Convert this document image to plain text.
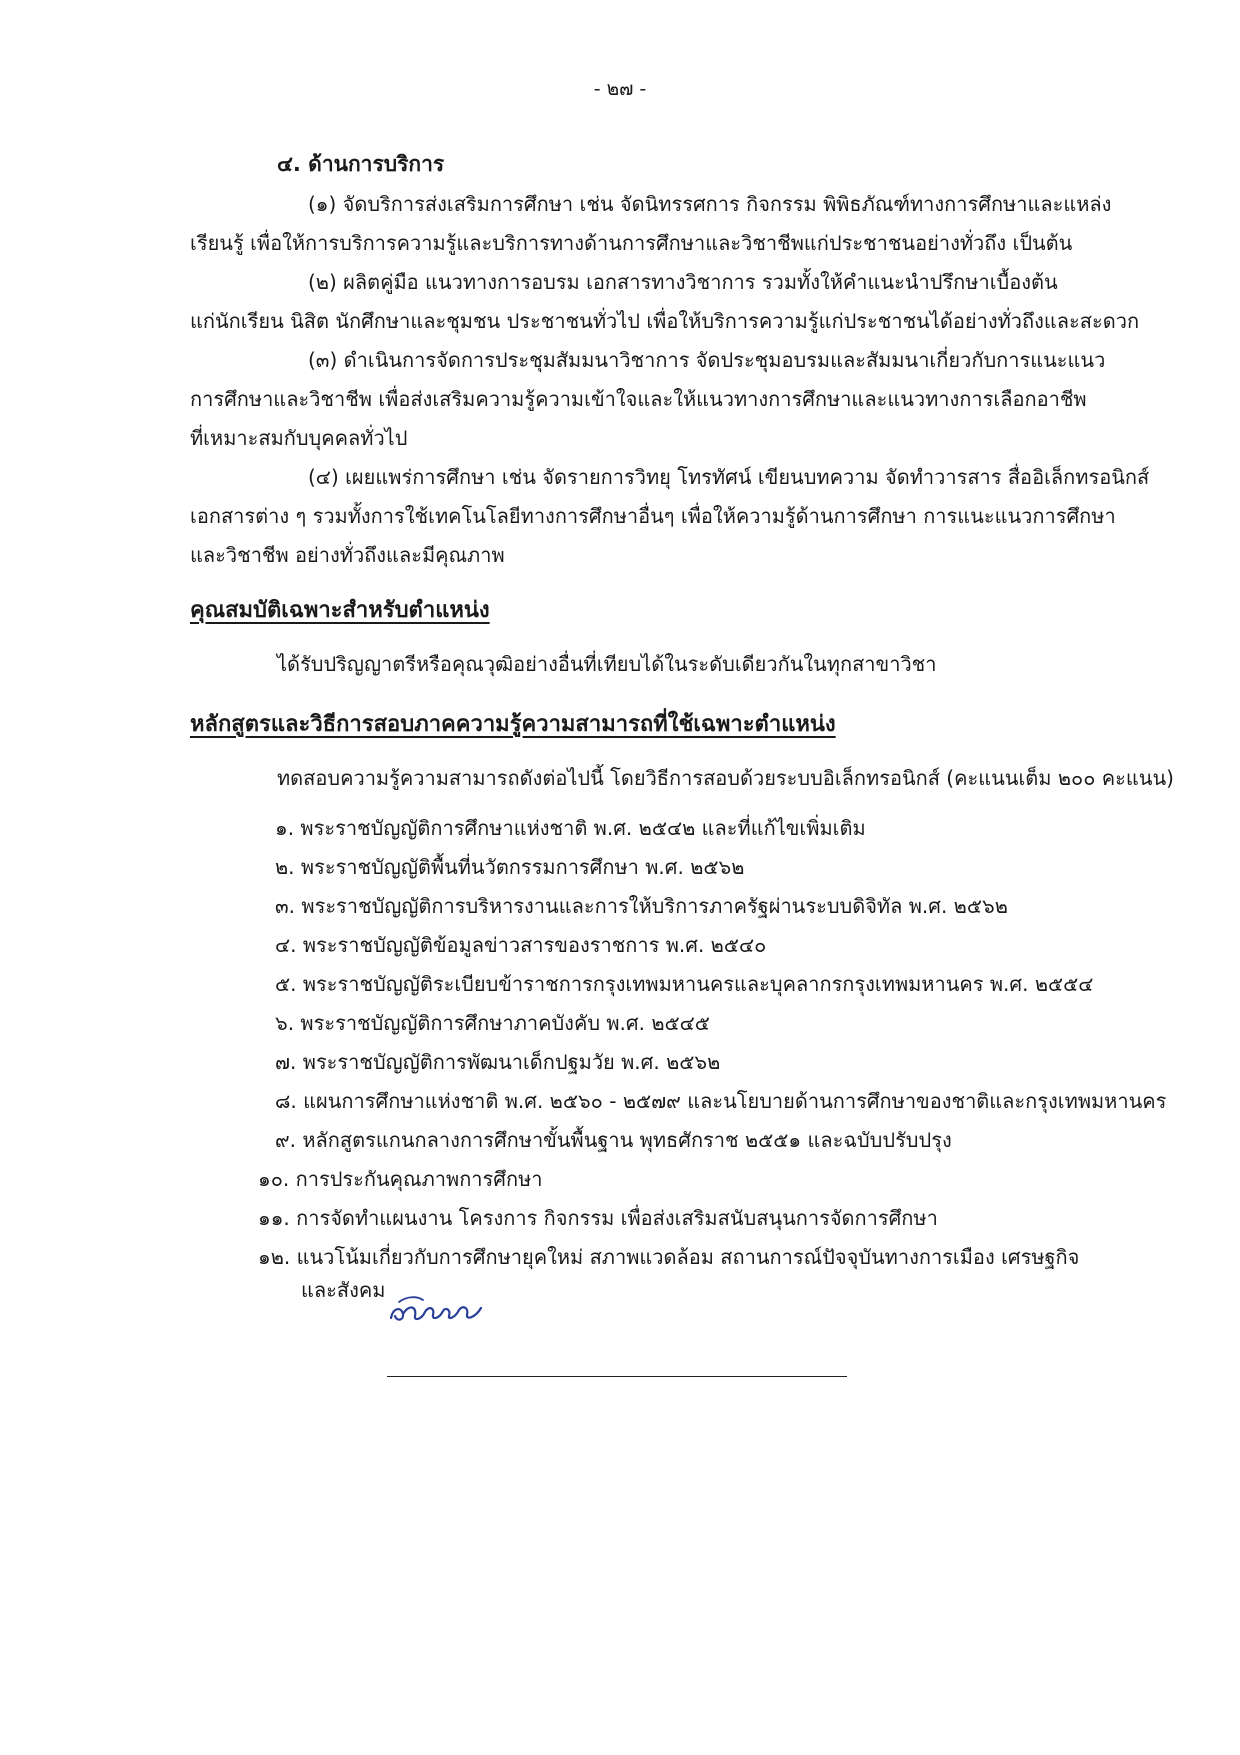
- ๒๗ -
๔. ด้านการบริการ
(๑) จัดบริการส่งเสริมการศึกษา เช่น จัดนิทรรศการ กิจกรรม พิพิธภัณฑ์ทางการศึกษาและแหล่ง
เรียนรู้ เพื่อให้การบริการความรู้และบริการทางด้านการศึกษาและวิชาชีพแก่ประชาชนอย่างทั่วถึง เป็นต้น
(๒) ผลิตคู่มือ แนวทางการอบรม เอกสารทางวิชาการ รวมทั้งให้คำแนะนำปรึกษาเบื้องต้น
แก่นักเรียน นิสิต นักศึกษาและชุมชน ประชาชนทั่วไป เพื่อให้บริการความรู้แก่ประชาชนได้อย่างทั่วถึงและสะดวก
(๓) ดำเนินการจัดการประชุมสัมมนาวิชาการ จัดประชุมอบรมและสัมมนาเกี่ยวกับการแนะแนว
การศึกษาและวิชาชีพ เพื่อส่งเสริมความรู้ความเข้าใจและให้แนวทางการศึกษาและแนวทางการเลือกอาชีพ
ที่เหมาะสมกับบุคคลทั่วไป
(๔) เผยแพร่การศึกษา เช่น จัดรายการวิทยุ โทรทัศน์ เขียนบทความ จัดทำวารสาร สื่ออิเล็กทรอนิกส์
เอกสารต่าง ๆ รวมทั้งการใช้เทคโนโลยีทางการศึกษาอื่นๆ เพื่อให้ความรู้ด้านการศึกษา การแนะแนวการศึกษา
และวิชาชีพ อย่างทั่วถึงและมีคุณภาพ
คุณสมบัติเฉพาะสำหรับตำแหน่ง
ได้รับปริญญาตรีหรือคุณวุฒิอย่างอื่นที่เทียบได้ในระดับเดียวกันในทุกสาขาวิชา
หลักสูตรและวิธีการสอบภาคความรู้ความสามารถที่ใช้เฉพาะตำแหน่ง
ทดสอบความรู้ความสามารถดังต่อไปนี้ โดยวิธีการสอบด้วยระบบอิเล็กทรอนิกส์ (คะแนนเต็ม ๒๐๐ คะแนน)
๑. พระราชบัญญัติการศึกษาแห่งชาติ พ.ศ. ๒๕๔๒ และที่แก้ไขเพิ่มเติม
๒. พระราชบัญญัติพื้นที่นวัตกรรมการศึกษา พ.ศ. ๒๕๖๒
๓. พระราชบัญญัติการบริหารงานและการให้บริการภาครัฐผ่านระบบดิจิทัล พ.ศ. ๒๕๖๒
๔. พระราชบัญญัติข้อมูลข่าวสารของราชการ พ.ศ. ๒๕๔๐
๕. พระราชบัญญัติระเบียบข้าราชการกรุงเทพมหานครและบุคลากรกรุงเทพมหานคร พ.ศ. ๒๕๕๔
๖. พระราชบัญญัติการศึกษาภาคบังคับ พ.ศ. ๒๕๔๕
๗. พระราชบัญญัติการพัฒนาเด็กปฐมวัย พ.ศ. ๒๕๖๒
๘. แผนการศึกษาแห่งชาติ พ.ศ. ๒๕๖๐ - ๒๕๗๙ และนโยบายด้านการศึกษาของชาติและกรุงเทพมหานคร
๙. หลักสูตรแกนกลางการศึกษาขั้นพื้นฐาน พุทธศักราช ๒๕๕๑ และฉบับปรับปรุง
๑๐. การประกันคุณภาพการศึกษา
๑๑. การจัดทำแผนงาน โครงการ กิจกรรม เพื่อส่งเสริมสนับสนุนการจัดการศึกษา
๑๒. แนวโน้มเกี่ยวกับการศึกษายุคใหม่ สภาพแวดล้อม สถานการณ์ปัจจุบันทางการเมือง เศรษฐกิจ
และสังคม
